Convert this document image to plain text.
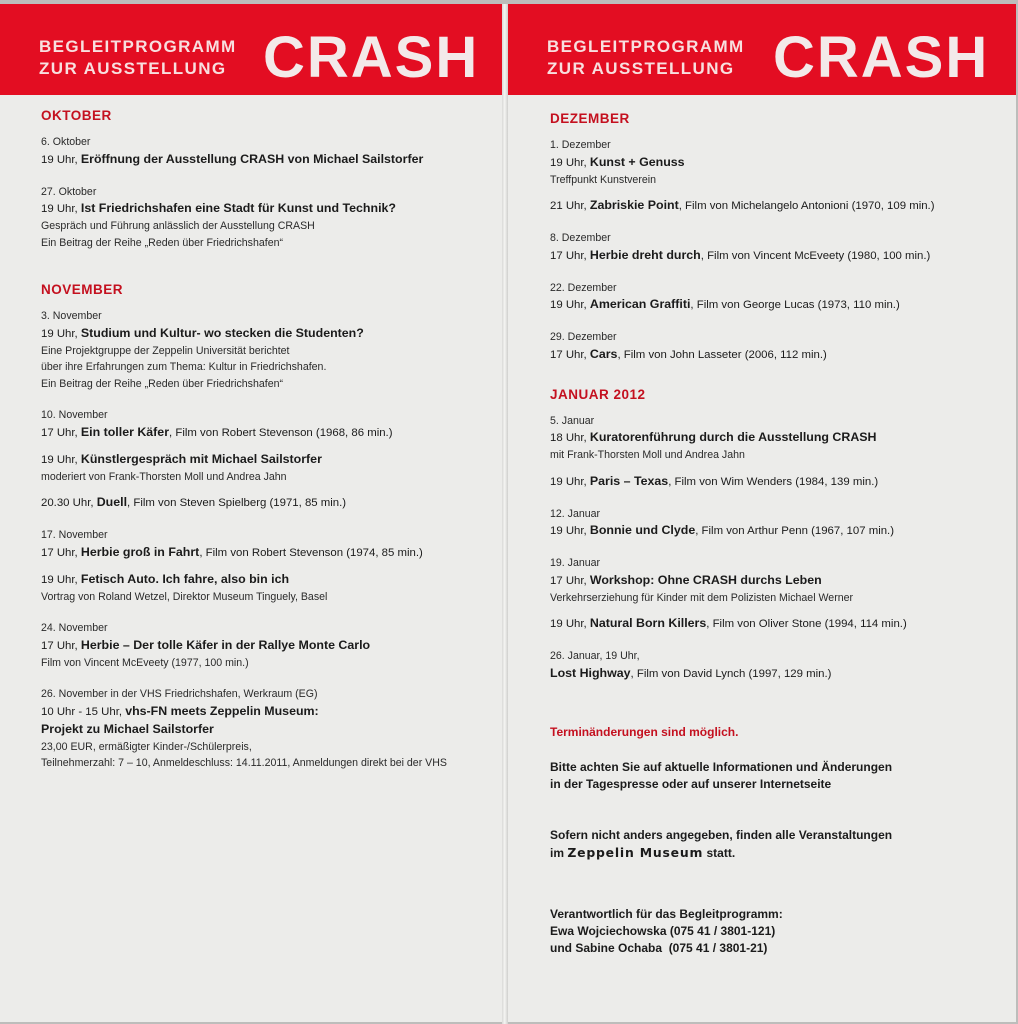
BEGLEITPROGRAMM
ZUR AUSSTELLUNG CRASH
OKTOBER
6. Oktober
19 Uhr, Eröffnung der Ausstellung CRASH von Michael Sailstorfer
27. Oktober
19 Uhr, Ist Friedrichshafen eine Stadt für Kunst und Technik?
Gespräch und Führung anlässlich der Ausstellung CRASH
Ein Beitrag der Reihe „Reden über Friedrichshafen“
NOVEMBER
3. November
19 Uhr, Studium und Kultur- wo stecken die Studenten?
Eine Projektgruppe der Zeppelin Universität berichtet
über ihre Erfahrungen zum Thema: Kultur in Friedrichshafen.
Ein Beitrag der Reihe „Reden über Friedrichshafen“
10. November
17 Uhr, Ein toller Käfer, Film von Robert Stevenson (1968, 86 min.)
19 Uhr, Künstlergespräch mit Michael Sailstorfer
moderiert von Frank-Thorsten Moll und Andrea Jahn
20.30 Uhr, Duell, Film von Steven Spielberg (1971, 85 min.)
17. November
17 Uhr, Herbie groß in Fahrt, Film von Robert Stevenson (1974, 85 min.)
19 Uhr, Fetisch Auto. Ich fahre, also bin ich
Vortrag von Roland Wetzel, Direktor Museum Tinguely, Basel
24. November
17 Uhr, Herbie – Der tolle Käfer in der Rallye Monte Carlo
Film von Vincent McEveety (1977, 100 min.)
26. November in der VHS Friedrichshafen, Werkraum (EG)
10 Uhr - 15 Uhr, vhs-FN meets Zeppelin Museum:
Projekt zu Michael Sailstorfer
23,00 EUR, ermäßigter Kinder-/Schülerpreis,
Teilnehmerzahl: 7 – 10, Anmeldeschluss: 14.11.2011, Anmeldungen direkt bei der VHS
BEGLEITPROGRAMM
ZUR AUSSTELLUNG CRASH
DEZEMBER
1. Dezember
19 Uhr, Kunst + Genuss
Treffpunkt Kunstverein
21 Uhr, Zabriskie Point, Film von Michelangelo Antonioni (1970, 109 min.)
8. Dezember
17 Uhr, Herbie dreht durch, Film von Vincent McEveety (1980, 100 min.)
22. Dezember
19 Uhr, American Graffiti, Film von George Lucas (1973, 110 min.)
29. Dezember
17 Uhr, Cars, Film von John Lasseter (2006, 112 min.)
JANUAR 2012
5. Januar
18 Uhr, Kuratorenführung durch die Ausstellung CRASH
mit Frank-Thorsten Moll und Andrea Jahn
19 Uhr, Paris – Texas, Film von Wim Wenders (1984, 139 min.)
12. Januar
19 Uhr, Bonnie und Clyde, Film von Arthur Penn (1967, 107 min.)
19. Januar
17 Uhr, Workshop: Ohne CRASH durchs Leben
Verkehrserziehung für Kinder mit dem Polizisten Michael Werner
19 Uhr, Natural Born Killers, Film von Oliver Stone (1994, 114 min.)
26. Januar, 19 Uhr,
Lost Highway, Film von David Lynch (1997, 129 min.)
Terminänderungen sind möglich.
Bitte achten Sie auf aktuelle Informationen und Änderungen
in der Tagespresse oder auf unserer Internetseite
Sofern nicht anders angegeben, finden alle Veranstaltungen
im Zeppelin Museum statt.
Verantwortlich für das Begleitprogramm:
Ewa Wojciechowska (075 41 / 3801-121)
und Sabine Ochaba  (075 41 / 3801-21)
